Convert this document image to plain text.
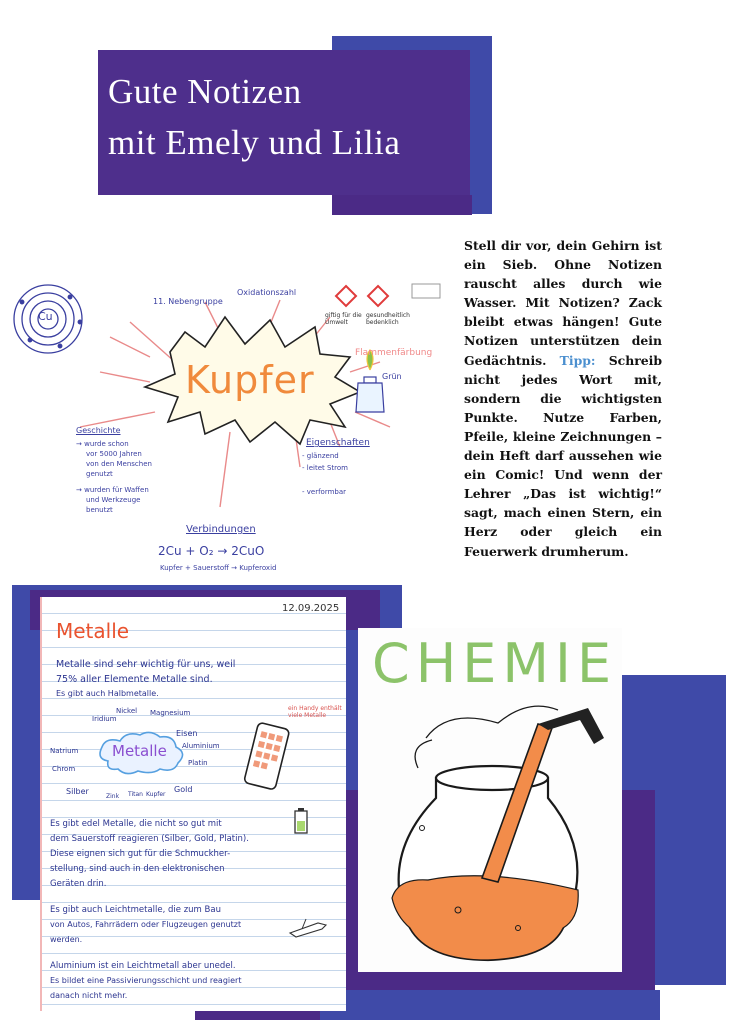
Gute Notizen
mit Emely und Lilia
Stell dir vor, dein Gehirn ist ein Sieb. Ohne Notizen rauscht alles durch wie Wasser. Mit Notizen? Zack bleibt etwas hängen! Gute Notizen unterstützen dein Gedächtnis. Tipp: Schreib nicht jedes Wort mit, sondern die wichtigsten Punkte. Nutze Farben, Pfeile, kleine Zeichnungen – dein Heft darf aussehen wie ein Comic! Und wenn der Lehrer „Das ist wichtig!“ sagt, mach einen Stern, ein Herz oder gleich ein Feuerwerk drumherum.
Cu
11. Nebengruppe
Oxidationszahl
giftig für die Umwelt
gesundheitlich bedenklich
Kupfer
Flammenfärbung
Grün
Geschichte
→ wurde schon
vor 5000 Jahren
von den Menschen
genutzt
→ wurden für Waffen
und Werkzeuge
benutzt
Eigenschaften
- glänzend
- leitet Strom
- verformbar
Verbindungen
2Cu + O₂ → 2CuO
Kupfer + Sauerstoff → Kupferoxid
12.09.2025
Metalle
Metalle sind sehr wichtig für uns, weil
75% aller Elemente Metalle sind.
Es gibt auch Halbmetalle.
Metalle
Iridium
Nickel Magnesium
Natrium
Eisen
Aluminium
Chrom
Platin
Silber
Zink Titan Kupfer
Gold
ein Handy enthält viele Metalle
Es gibt edel Metalle, die nicht so gut mit
dem Sauerstoff reagieren (Silber, Gold, Platin).
Diese eignen sich gut für die Schmuckher-
stellung, sind auch in den elektronischen
Geräten drin.
Es gibt auch Leichtmetalle, die zum Bau
von Autos, Fahrrädern oder Flugzeugen genutzt
werden.
Aluminium ist ein Leichtmetall aber unedel.
Es bildet eine Passivierungsschicht und reagiert
danach nicht mehr.
CHEMIE
